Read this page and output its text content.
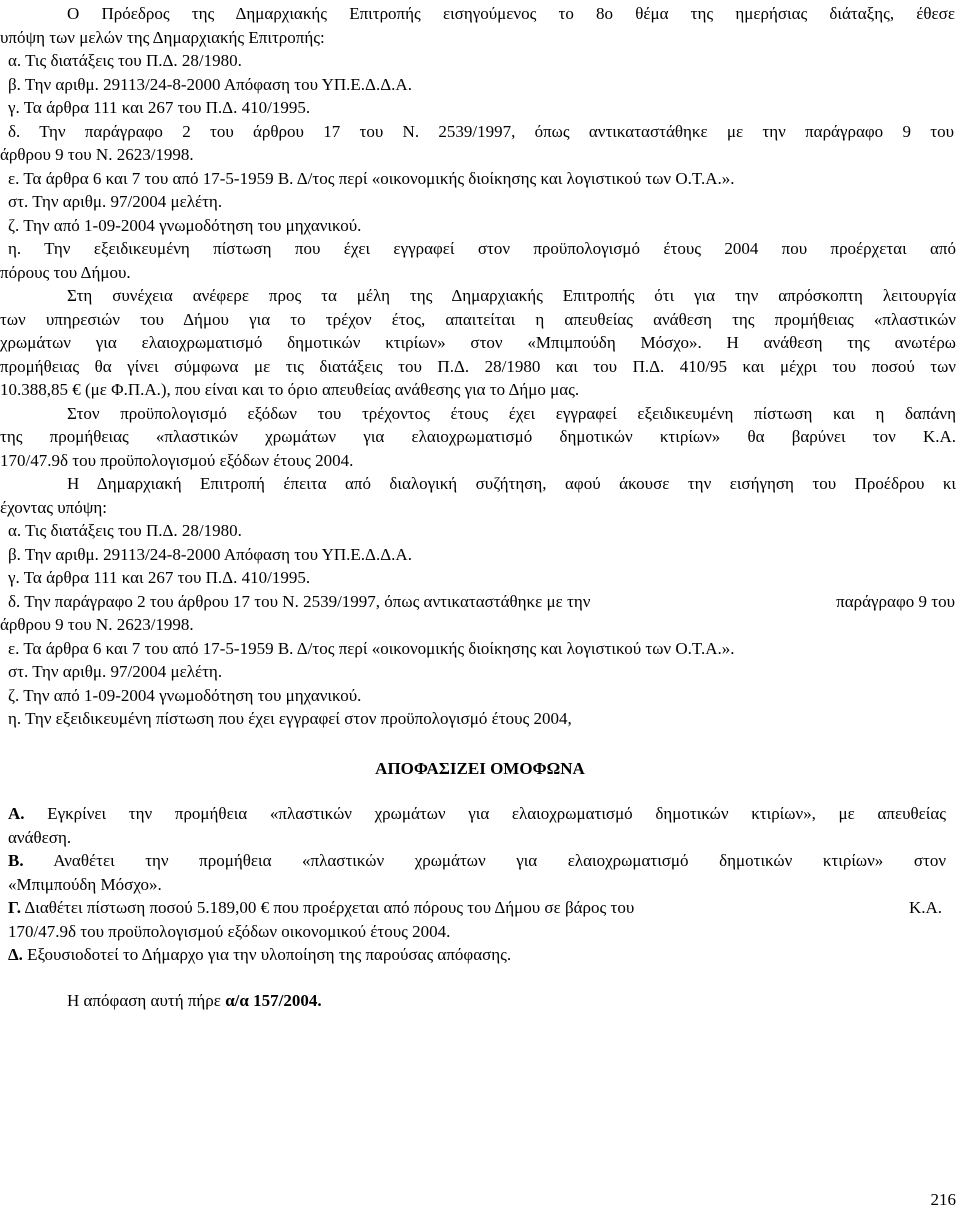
Ο Πρόεδρος της Δημαρχιακής Επιτροπής εισηγούμενος το 8ο θέμα της ημερήσιας διάταξης, έθεσε
υπόψη των μελών της Δημαρχιακής Επιτροπής:
α. Τις διατάξεις του Π.Δ. 28/1980.
β. Την αριθμ. 29113/24-8-2000 Απόφαση του ΥΠ.Ε.Δ.Δ.Α.
γ. Τα άρθρα 111 και 267 του Π.Δ. 410/1995.
δ. Την παράγραφο 2 του άρθρου 17 του Ν. 2539/1997, όπως αντικαταστάθηκε με την παράγραφο 9 του
άρθρου 9 του Ν. 2623/1998.
ε. Τα άρθρα 6 και 7 του από 17-5-1959 Β. Δ/τος περί «οικονομικής διοίκησης και λογιστικού των Ο.Τ.Α.».
στ. Την αριθμ. 97/2004 μελέτη.
ζ. Την από 1-09-2004 γνωμοδότηση του μηχανικού.
η. Την εξειδικευμένη πίστωση που έχει εγγραφεί στον προϋπολογισμό έτους 2004 που προέρχεται από
πόρους του Δήμου.
Στη συνέχεια ανέφερε προς τα μέλη της Δημαρχιακής Επιτροπής ότι για την απρόσκοπτη λειτουργία
των υπηρεσιών του Δήμου για το τρέχον έτος, απαιτείται η απευθείας ανάθεση της προμήθειας «πλαστικών
χρωμάτων για ελαιοχρωματισμό δημοτικών κτιρίων» στον «Μπιμπούδη Μόσχο». Η ανάθεση της ανωτέρω
προμήθειας θα γίνει σύμφωνα με τις διατάξεις του Π.Δ. 28/1980 και του Π.Δ. 410/95 και μέχρι του ποσού των
10.388,85 € (με Φ.Π.Α.), που είναι και το όριο απευθείας ανάθεσης για το Δήμο μας.
Στον προϋπολογισμό εξόδων του τρέχοντος έτους έχει εγγραφεί εξειδικευμένη πίστωση και η δαπάνη
της προμήθειας «πλαστικών χρωμάτων για ελαιοχρωματισμό δημοτικών κτιρίων» θα βαρύνει τον Κ.Α.
170/47.9δ του προϋπολογισμού εξόδων έτους 2004.
Η Δημαρχιακή Επιτροπή έπειτα από διαλογική συζήτηση, αφού άκουσε την εισήγηση του Προέδρου κι
έχοντας υπόψη:
α. Τις διατάξεις του Π.Δ. 28/1980.
β. Την αριθμ. 29113/24-8-2000 Απόφαση του ΥΠ.Ε.Δ.Δ.Α.
γ. Τα άρθρα 111 και 267 του Π.Δ. 410/1995.
δ. Την παράγραφο 2 του άρθρου 17 του Ν. 2539/1997, όπως αντικαταστάθηκε με την	παράγραφο 9 του
άρθρου 9 του Ν. 2623/1998.
ε. Τα άρθρα 6 και 7 του από 17-5-1959 Β. Δ/τος περί «οικονομικής διοίκησης και λογιστικού των Ο.Τ.Α.».
στ. Την αριθμ. 97/2004 μελέτη.
ζ. Την από 1-09-2004 γνωμοδότηση του μηχανικού.
η. Την εξειδικευμένη πίστωση που έχει εγγραφεί στον προϋπολογισμό έτους 2004,
ΑΠΟΦΑΣΙΖΕΙ ΟΜΟΦΩΝΑ
Α. Εγκρίνει την προμήθεια «πλαστικών χρωμάτων για ελαιοχρωματισμό δημοτικών κτιρίων», με απευθείας
ανάθεση.
Β. Αναθέτει την προμήθεια «πλαστικών χρωμάτων για ελαιοχρωματισμό δημοτικών κτιρίων» στον
«Μπιμπούδη Μόσχο».
Γ. Διαθέτει πίστωση ποσού 5.189,00 € που προέρχεται από πόρους του Δήμου σε βάρος του	Κ.Α.
170/47.9δ του προϋπολογισμού εξόδων οικονομικού έτους 2004.
Δ. Εξουσιοδοτεί το Δήμαρχο για την υλοποίηση της παρούσας απόφασης.
Η απόφαση αυτή πήρε α/α 157/2004.
216
